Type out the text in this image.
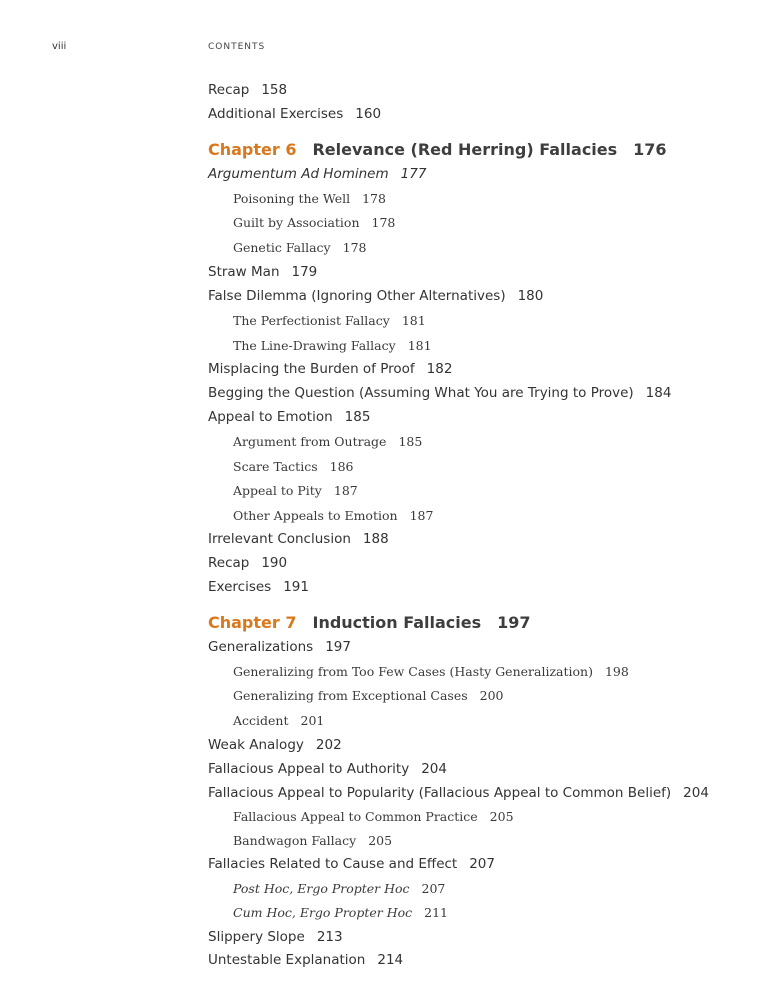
viii	CONTENTS
Recap 158
Additional Exercises 160
Chapter 6 Relevance (Red Herring) Fallacies 176
Argumentum Ad Hominem 177
Poisoning the Well 178
Guilt by Association 178
Genetic Fallacy 178
Straw Man 179
False Dilemma (Ignoring Other Alternatives) 180
The Perfectionist Fallacy 181
The Line-Drawing Fallacy 181
Misplacing the Burden of Proof 182
Begging the Question (Assuming What You are Trying to Prove) 184
Appeal to Emotion 185
Argument from Outrage 185
Scare Tactics 186
Appeal to Pity 187
Other Appeals to Emotion 187
Irrelevant Conclusion 188
Recap 190
Exercises 191
Chapter 7 Induction Fallacies 197
Generalizations 197
Generalizing from Too Few Cases (Hasty Generalization) 198
Generalizing from Exceptional Cases 200
Accident 201
Weak Analogy 202
Fallacious Appeal to Authority 204
Fallacious Appeal to Popularity (Fallacious Appeal to Common Belief) 204
Fallacious Appeal to Common Practice 205
Bandwagon Fallacy 205
Fallacies Related to Cause and Effect 207
Post Hoc, Ergo Propter Hoc 207
Cum Hoc, Ergo Propter Hoc 211
Slippery Slope 213
Untestable Explanation 214
